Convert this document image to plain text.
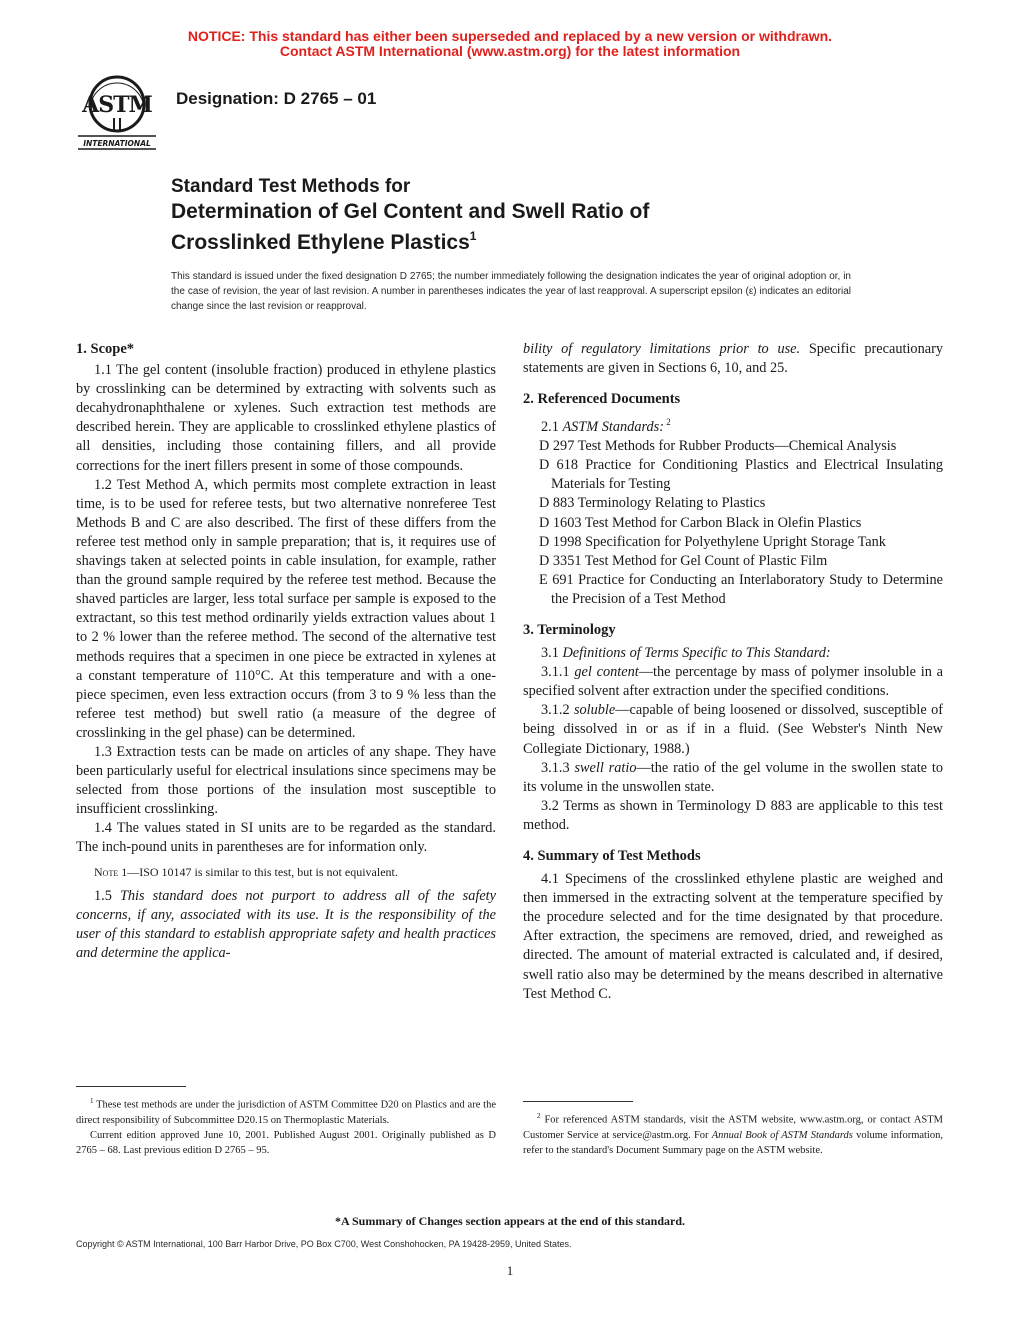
NOTICE: This standard has either been superseded and replaced by a new version or withdrawn.
Contact ASTM International (www.astm.org) for the latest information
ASTM
INTERNATIONAL
Designation: D 2765 – 01
Standard Test Methods for
Determination of Gel Content and Swell Ratio of
Crosslinked Ethylene Plastics$^1$
This standard is issued under the fixed designation D 2765; the number immediately following the designation indicates the year of original adoption or, in the case of revision, the year of last revision. A number in parentheses indicates the year of last reapproval. A superscript epsilon (ε) indicates an editorial change since the last revision or reapproval.
1. Scope*

1.1 The gel content (insoluble fraction) produced in ethylene plastics by crosslinking can be determined by extracting with solvents such as decahydronaphthalene or xylenes. Such extraction test methods are described herein. They are applicable to crosslinked ethylene plastics of all densities, including those containing fillers, and all provide corrections for the inert fillers present in some of those compounds.

1.2 Test Method A, which permits most complete extraction in least time, is to be used for referee tests, but two alternative nonreferee Test Methods B and C are also described. The first of these differs from the referee test method only in sample preparation; that is, it requires use of shavings taken at selected points in cable insulation, for example, rather than the ground sample required by the referee test method. Because the shaved particles are larger, less total surface per sample is exposed to the extractant, so this test method ordinarily yields extraction values about 1 to 2 % lower than the referee method. The second of the alternative test methods requires that a specimen in one piece be extracted in xylenes at a constant temperature of 110°C. At this temperature and with a one-piece specimen, even less extraction occurs (from 3 to 9 % less than the referee test method) but swell ratio (a measure of the degree of crosslinking in the gel phase) can be determined.

1.3 Extraction tests can be made on articles of any shape. They have been particularly useful for electrical insulations since specimens may be selected from those portions of the insulation most susceptible to insufficient crosslinking.

1.4 The values stated in SI units are to be regarded as the standard. The inch-pound units in parentheses are for information only.

Note 1—ISO 10147 is similar to this test, but is not equivalent.

1.5 This standard does not purport to address all of the safety concerns, if any, associated with its use. It is the responsibility of the user of this standard to establish appropriate safety and health practices and determine the applica-

bility of regulatory limitations prior to use. Specific precautionary statements are given in Sections 6, 10, and 25.

2. Referenced Documents

2.1 ASTM Standards: $^2$

D 297 Test Methods for Rubber Products—Chemical Analysis
D 618 Practice for Conditioning Plastics and Electrical Insulating Materials for Testing
D 883 Terminology Relating to Plastics
D 1603 Test Method for Carbon Black in Olefin Plastics
D 1998 Specification for Polyethylene Upright Storage Tank
D 3351 Test Method for Gel Count of Plastic Film
E 691 Practice for Conducting an Interlaboratory Study to Determine the Precision of a Test Method
3. Terminology

3.1 Definitions of Terms Specific to This Standard:

3.1.1 gel content—the percentage by mass of polymer insoluble in a specified solvent after extraction under the specified conditions.

3.1.2 soluble—capable of being loosened or dissolved, susceptible of being dissolved in or as if in a fluid. (See Webster's Ninth New Collegiate Dictionary, 1988.)

3.1.3 swell ratio—the ratio of the gel volume in the swollen state to its volume in the unswollen state.

3.2 Terms as shown in Terminology D 883 are applicable to this test method.

4. Summary of Test Methods

4.1 Specimens of the crosslinked ethylene plastic are weighed and then immersed in the extracting solvent at the temperature specified by the procedure selected and for the time designated by that procedure. After extraction, the specimens are removed, dried, and reweighed as directed. The amount of material extracted is calculated and, if desired, swell ratio also may be determined by the means described in alternative Test Method C.

$^1$ These test methods are under the jurisdiction of ASTM Committee D20 on Plastics and are the direct responsibility of Subcommittee D20.15 on Thermoplastic Materials.

Current edition approved June 10, 2001. Published August 2001. Originally published as D 2765 – 68. Last previous edition D 2765 – 95.

$^2$ For referenced ASTM standards, visit the ASTM website, www.astm.org, or contact ASTM Customer Service at service@astm.org. For Annual Book of ASTM Standards volume information, refer to the standard's Document Summary page on the ASTM website.

*A Summary of Changes section appears at the end of this standard.
Copyright © ASTM International, 100 Barr Harbor Drive, PO Box C700, West Conshohocken, PA 19428-2959, United States.
1
